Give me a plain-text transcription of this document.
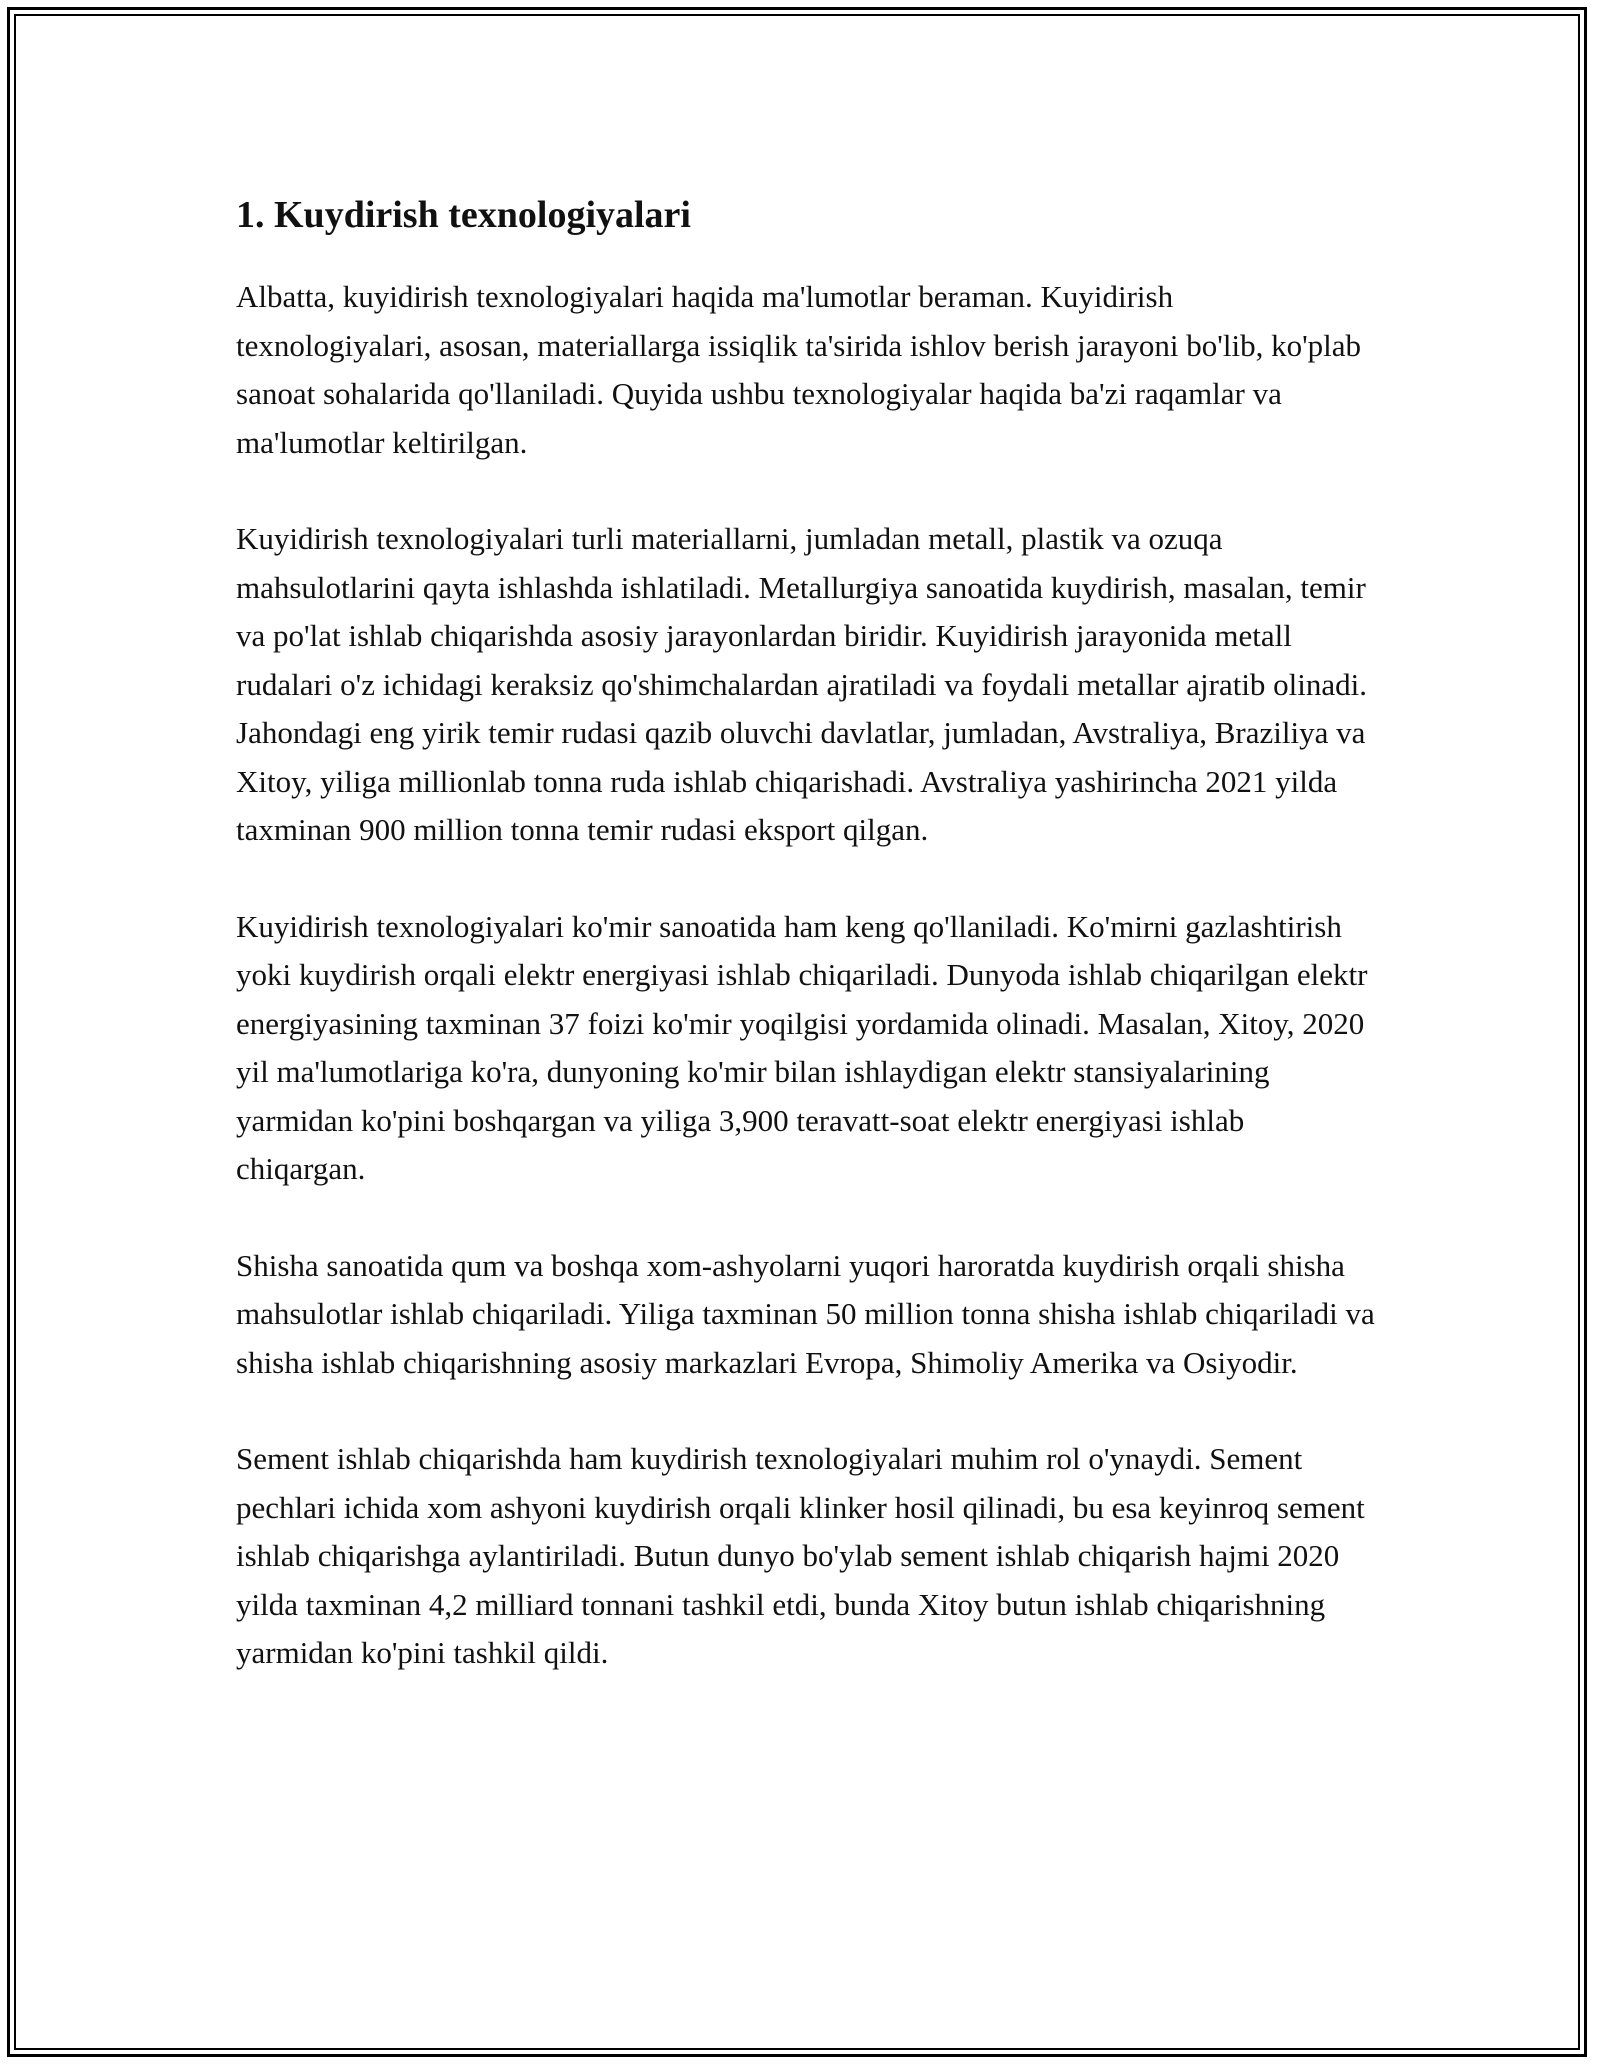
1. Kuydirish texnologiyalari

Albatta, kuyidirish texnologiyalari haqida ma'lumotlar beraman. Kuyidirish texnologiyalari, asosan, materiallarga issiqlik ta'sirida ishlov berish jarayoni bo'lib, ko'plab sanoat sohalarida qo'llaniladi. Quyida ushbu texnologiyalar haqida ba'zi raqamlar va ma'lumotlar keltirilgan.

Kuyidirish texnologiyalari turli materiallarni, jumladan metall, plastik va ozuqa mahsulotlarini qayta ishlashda ishlatiladi. Metallurgiya sanoatida kuydirish, masalan, temir va po'lat ishlab chiqarishda asosiy jarayonlardan biridir. Kuyidirish jarayonida metall rudalari o'z ichidagi keraksiz qo'shimchalardan ajratiladi va foydali metallar ajratib olinadi. Jahondagi eng yirik temir rudasi qazib oluvchi davlatlar, jumladan, Avstraliya, Braziliya va Xitoy, yiliga millionlab tonna ruda ishlab chiqarishadi. Avstraliya yashirincha 2021 yilda taxminan 900 million tonna temir rudasi eksport qilgan.

Kuyidirish texnologiyalari ko'mir sanoatida ham keng qo'llaniladi. Ko'mirni gazlashtirish yoki kuydirish orqali elektr energiyasi ishlab chiqariladi. Dunyoda ishlab chiqarilgan elektr energiyasining taxminan 37 foizi ko'mir yoqilgisi yordamida olinadi. Masalan, Xitoy, 2020 yil ma'lumotlariga ko'ra, dunyoning ko'mir bilan ishlaydigan elektr stansiyalarining yarmidan ko'pini boshqargan va yiliga 3,900 teravatt-soat elektr energiyasi ishlab chiqargan.

Shisha sanoatida qum va boshqa xom-ashyolarni yuqori haroratda kuydirish orqali shisha mahsulotlar ishlab chiqariladi. Yiliga taxminan 50 million tonna shisha ishlab chiqariladi va shisha ishlab chiqarishning asosiy markazlari Evropa, Shimoliy Amerika va Osiyodir.

Sement ishlab chiqarishda ham kuydirish texnologiyalari muhim rol o'ynaydi. Sement pechlari ichida xom ashyoni kuydirish orqali klinker hosil qilinadi, bu esa keyinroq sement ishlab chiqarishga aylantiriladi. Butun dunyo bo'ylab sement ishlab chiqarish hajmi 2020 yilda taxminan 4,2 milliard tonnani tashkil etdi, bunda Xitoy butun ishlab chiqarishning yarmidan ko'pini tashkil qildi.
